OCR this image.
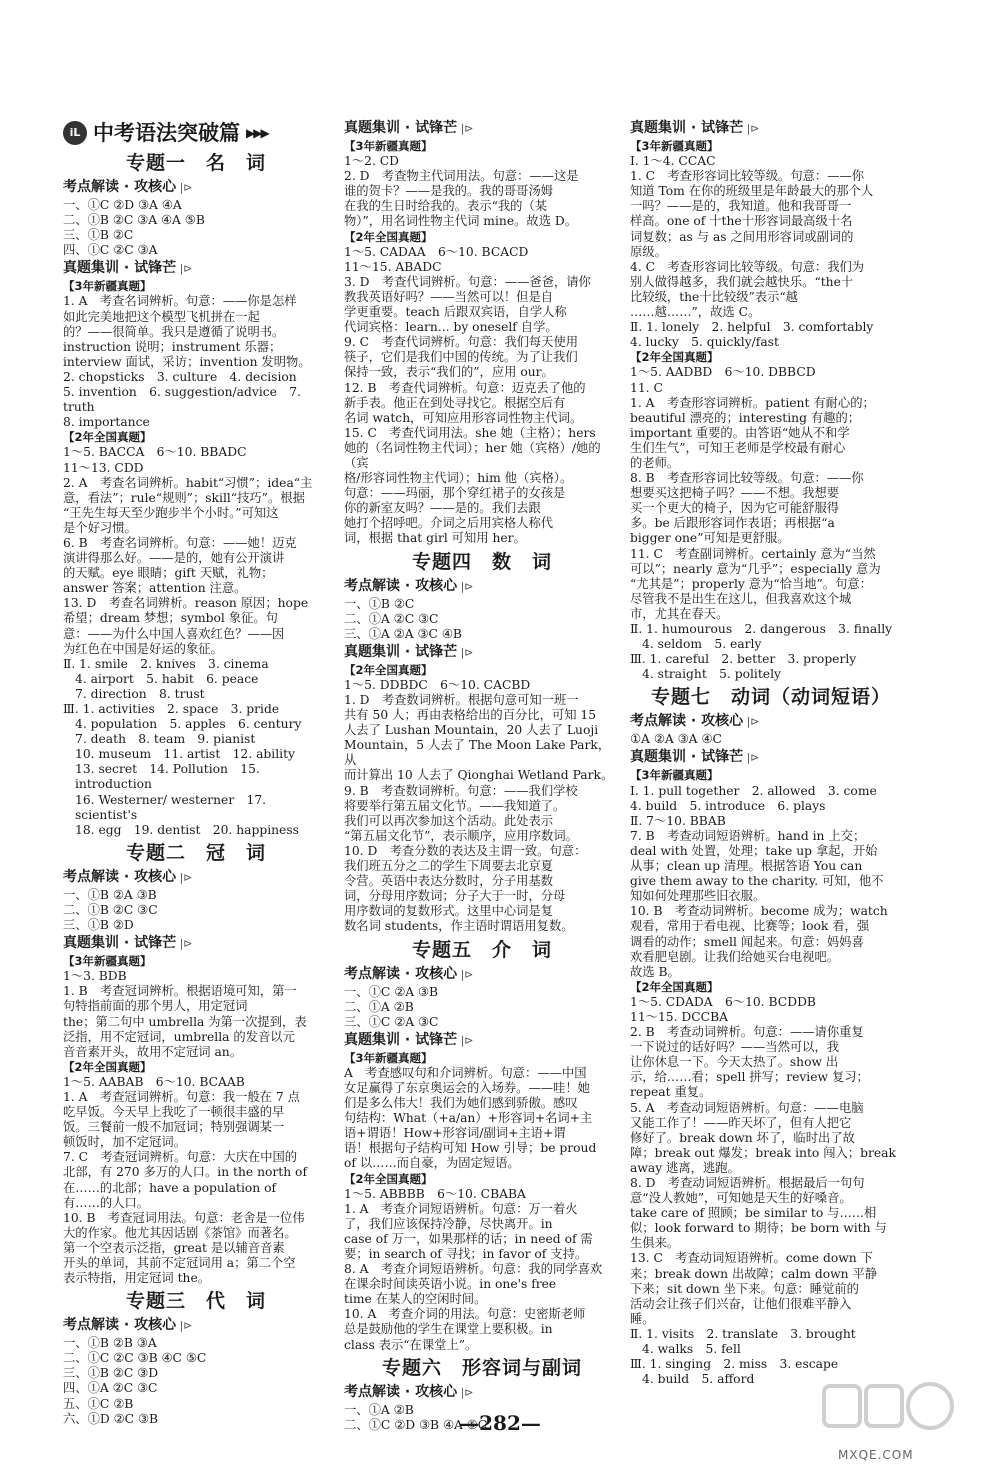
iL 中考语法突破篇 ▶▶▶
专题一　名　词
考点解读 · 攻核心 |⊳
一、①C ②D ③A ④A
二、①B ②C ③A ④A ⑤B
三、①B ②C
四、①C ②C ③A
真题集训 · 试锋芒 |⊳
【3年新疆真题】
1. A　考查名词辨析。句意：——你是怎样
如此完美地把这个模型飞机拼在一起
的？——很简单。我只是遵循了说明书。
instruction 说明；instrument 乐器；
interview 面试，采访；invention 发明物。
2. chopsticks　3. culture　4. decision
5. invention　6. suggestion/advice　7. truth
8. importance
【2年全国真题】
1～5. BACCA　6～10. BBADC
11～13. CDD
2. A　考查名词辨析。habit“习惯”；idea“主
意，看法”；rule“规则”；skill“技巧”。根据
“王先生每天至少跑步半个小时。”可知这
是个好习惯。
6. B　考查名词辨析。句意：——她！迈克
演讲得那么好。——是的，她有公开演讲
的天赋。eye 眼睛；gift 天赋，礼物；
answer 答案；attention 注意。
13. D　考查名词辨析。reason 原因；hope
希望；dream 梦想；symbol 象征。句
意：——为什么中国人喜欢红色？——因
为红色在中国是好运的象征。
Ⅱ. 1. smile　2. knives　3. cinema
4. airport　5. habit　6. peace
7. direction　8. trust
Ⅲ. 1. activities　2. space　3. pride
4. population　5. apples　6. century
7. death　8. team　9. pianist
10. museum　11. artist　12. ability
13. secret　14. Pollution　15. introduction
16. Westerner/ westerner　17. scientist's
18. egg　19. dentist　20. happiness
专题二　冠　词
考点解读 · 攻核心 |⊳
一、①B ②A ③B
二、①B ②C ③C
三、①B ②D
真题集训 · 试锋芒 |⊳
【3年新疆真题】
1～3. BDB
1. B　考查冠词辨析。根据语境可知，第一
句特指前面的那个男人，用定冠词
the；第二句中 umbrella 为第一次提到，表
泛指，用不定冠词，umbrella 的发音以元
音音素开头，故用不定冠词 an。
【2年全国真题】
1～5. AABAB　6～10. BCAAB
1. A　考查冠词辨析。句意：我一般在 7 点
吃早饭。今天早上我吃了一顿很丰盛的早
饭。三餐前一般不加冠词；特别强调某一
顿饭时，加不定冠词。
7. C　考查冠词辨析。句意：大庆在中国的
北部，有 270 多万的人口。in the north of
在……的北部；have a population of
有……的人口。
10. B　考查冠词用法。句意：老舍是一位伟
大的作家。他尤其因话剧《茶馆》而著名。
第一个空表示泛指，great 是以辅音音素
开头的单词，其前不定冠词用 a；第二个空
表示特指，用定冠词 the。
专题三　代　词
考点解读 · 攻核心 |⊳
一、①B ②B ③A
二、①C ②C ③B ④C ⑤C
三、①B ②C ③D
四、①A ②C ③C
五、①C ②B
六、①D ②C ③B
真题集训 · 试锋芒 |⊳
【3年新疆真题】
1～2. CD
2. D　考查物主代词用法。句意：——这是
谁的贺卡？——是我的。我的哥哥汤姆
在我的生日时给我的。表示“我的（某
物）”，用名词性物主代词 mine。故选 D。
【2年全国真题】
1～5. CADAA　6～10. BCACD
11～15. ABADC
3. D　考查代词辨析。句意：——爸爸，请你
教我英语好吗？——当然可以！但是自
学更重要。teach 后跟双宾语，自学人称
代词宾格：learn... by oneself 自学。
9. C　考查代词辨析。句意：我们每天使用
筷子，它们是我们中国的传统。为了让我们
保持一致，表示“我们的”，应用 our。
12. B　考查代词辨析。句意：迈克丢了他的
新手表。他正在到处寻找它。根据空后有
名词 watch，可知应用形容词性物主代词。
15. C　考查代词用法。she 她（主格）；hers
她的（名词性物主代词）；her 她（宾格）/她的（宾
格/形容词性物主代词）；him 他（宾格）。
句意：——玛丽，那个穿红裙子的女孩是
你的新室友吗？——是的。我们去跟
她打个招呼吧。介词之后用宾格人称代
词，根据 that girl 可知用 her。
专题四　数　词
考点解读 · 攻核心 |⊳
一、①B ②C
二、①A ②C ③C
三、①A ②A ③C ④B
真题集训 · 试锋芒 |⊳
【2年全国真题】
1～5. DDBDC　6～10. CACBD
1. D　考查数词辨析。根据句意可知一班一
共有 50 人；再由表格给出的百分比，可知 15
人去了 Lushan Mountain，20 人去了 Luoji
Mountain，5 人去了 The Moon Lake Park，从
而计算出 10 人去了 Qionghai Wetland Park。
9. B　考查数词辨析。句意：——我们学校
将要举行第五届文化节。——我知道了。
我们可以再次参加这个活动。此处表示
“第五届文化节”，表示顺序，应用序数词。
10. D　考查分数的表达及主谓一致。句意：
我们班五分之二的学生下周要去北京夏
令营。英语中表达分数时，分子用基数
词，分母用序数词；分子大于一时，分母
用序数词的复数形式。这里中心词是复
数名词 students，作主语时谓语用复数。
专题五　介　词
考点解读 · 攻核心 |⊳
一、①C ②A ③B
二、①A ②B
三、①C ②A ③C
真题集训 · 试锋芒 |⊳
【3年新疆真题】
A　考查感叹句和介词辨析。句意：——中国
女足赢得了东京奥运会的入场券。——哇！她
们是多么伟大！我们为她们感到骄傲。感叹
句结构：What（+a/an）+形容词+名词+主
语+谓语！How+形容词/副词+主语+谓
语！根据句子结构可知 How 引导；be proud
of 以……而自豪，为固定短语。
【2年全国真题】
1～5. ABBBB　6～10. CBABA
1. A　考查介词短语辨析。句意：万一着火
了，我们应该保持冷静，尽快离开。in
case of 万一，如果那样的话；in need of 需
要；in search of 寻找；in favor of 支持。
8. A　考查介词短语辨析。句意：我的同学喜欢
在课余时间读英语小说。in one's free
time 在某人的空闲时间。
10. A　考查介词的用法。句意：史密斯老师
总是鼓励他的学生在课堂上要积极。in
class 表示“在课堂上”。
专题六　形容词与副词
考点解读 · 攻核心 |⊳
一、①A ②B
二、①C ②D ③B ④A ⑤C
真题集训 · 试锋芒 |⊳
【3年新疆真题】
Ⅰ. 1～4. CCAC
1. C　考查形容词比较等级。句意：——你
知道 Tom 在你的班级里是年龄最大的那个人
一吗？——是的，我知道。他和我哥哥一
样高。one of 十the十形容词最高级十名
词复数；as 与 as 之间用形容词或副词的
原级。
4. C　考查形容词比较等级。句意：我们为
别人做得越多，我们就会越快乐。“the十
比较级，the十比较级”表示“越
……越……”，故选 C。
Ⅱ. 1. lonely　2. helpful　3. comfortably
4. lucky　5. quickly/fast
【2年全国真题】
1～5. AADBD　6～10. DBBCD
11. C
1. A　考查形容词辨析。patient 有耐心的；
beautiful 漂亮的；interesting 有趣的；
important 重要的。由答语“她从不和学
生们生气”，可知王老师是学校最有耐心
的老师。
8. B　考查形容词比较等级。句意：——你
想要买这把椅子吗？——不想。我想要
买一个更大的椅子，因为它可能舒服得
多。be 后跟形容词作表语；再根据“a
bigger one”可知是更舒服。
11. C　考查副词辨析。certainly 意为“当然
可以”；nearly 意为“几乎”；especially 意为
“尤其是”；properly 意为“恰当地”。句意：
尽管我不是出生在这儿，但我喜欢这个城
市，尤其在春天。
Ⅱ. 1. humourous　2. dangerous　3. finally
4. seldom　5. early
Ⅲ. 1. careful　2. better　3. properly
4. straight　5. politely
专题七　动词（动词短语）
考点解读 · 攻核心 |⊳
①A ②A ③A ④C
真题集训 · 试锋芒 |⊳
【3年新疆真题】
Ⅰ. 1. pull together　2. allowed　3. come
4. build　5. introduce　6. plays
Ⅱ. 7～10. BBAB
7. B　考查动词短语辨析。hand in 上交；
deal with 处置，处理；take up 拿起，开始
从事；clean up 清理。根据答语 You can
give them away to the charity. 可知，他不
知如何处理那些旧衣服。
10. B　考查动词辨析。become 成为；watch
观看，常用于看电视、比赛等；look 看，强
调看的动作；smell 闻起来。句意：妈妈喜
欢看肥皂剧。让我们给她买台电视吧。
故选 B。
【2年全国真题】
1～5. CDADA　6～10. BCDDB
11～15. DCCBA
2. B　考查动词辨析。句意：——请你重复
一下说过的话好吗？——当然可以，我
让你休息一下。今天太热了。show 出
示，给……看；spell 拼写；review 复习；
repeat 重复。
5. A　考查动词短语辨析。句意：——电脑
又能工作了！——昨天坏了，但有人把它
修好了。break down 坏了，临时出了故
障；break out 爆发；break into 闯入；break
away 逃离，逃跑。
8. D　考查动词短语辨析。根据最后一句句
意“没人教她”，可知她是天生的好嗓音。
take care of 照顾；be similar to 与……相
似；look forward to 期待；be born with 与
生俱来。
13. C　考查动词短语辨析。come down 下
来；break down 出故障；calm down 平静
下来；sit down 坐下来。句意：睡觉前的
活动会让孩子们兴奋，让他们很难平静入
睡。
Ⅱ. 1. visits　2. translate　3. brought
4. walks　5. fell
Ⅲ. 1. singing　2. miss　3. escape
4. build　5. afford
—282—
MXQE.COM
